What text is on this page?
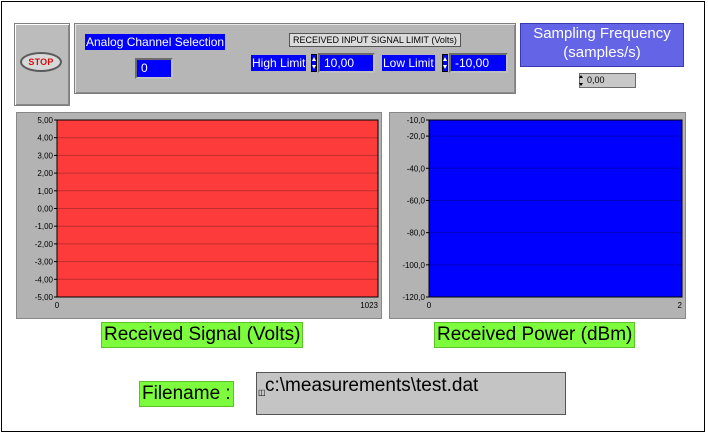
STOP
Analog Channel Selection
0
RECEIVED INPUT SIGNAL LIMIT (Volts)
High Limit	10,00	Low Limit	-10,00
Sampling Frequency
(samples/s)
0,00
5,00
4,00
3,00
2,00
1,00
0,00
-1,00
-2,00
-3,00
-4,00
-5,00
0	1023
Received Signal (Volts)
-10,0
-20,0
-40,0
-60,0
-80,0
-100,0
-120,0
0	2
Received Power (dBm)
Filename :	c:\measurements\test.dat
◫
